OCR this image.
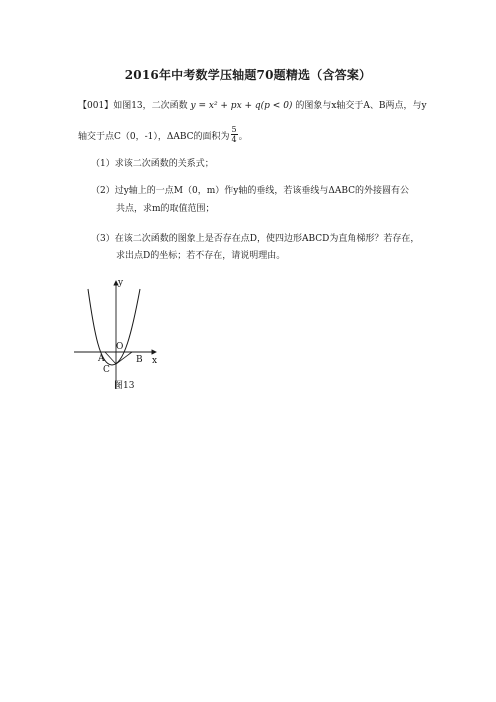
2016年中考数学压轴题70题精选（含答案）
【001】如图13，二次函数 y = x² + px + q(p < 0) 的图象与x轴交于A、B两点，与y
轴交于点C（0，-1），ΔABC的面积为 $\frac{5}{4}$ 。
（1）求该二次函数的关系式；
（2）过y轴上的一点M（0，m）作y轴的垂线，若该垂线与ΔABC的外接圆有公
共点，求m的取值范围；
（3）在该二次函数的图象上是否存在点D，使四边形ABCD为直角梯形？若存在，
求出点D的坐标；若不存在，请说明理由。
y
O
A	B x
C
图13
